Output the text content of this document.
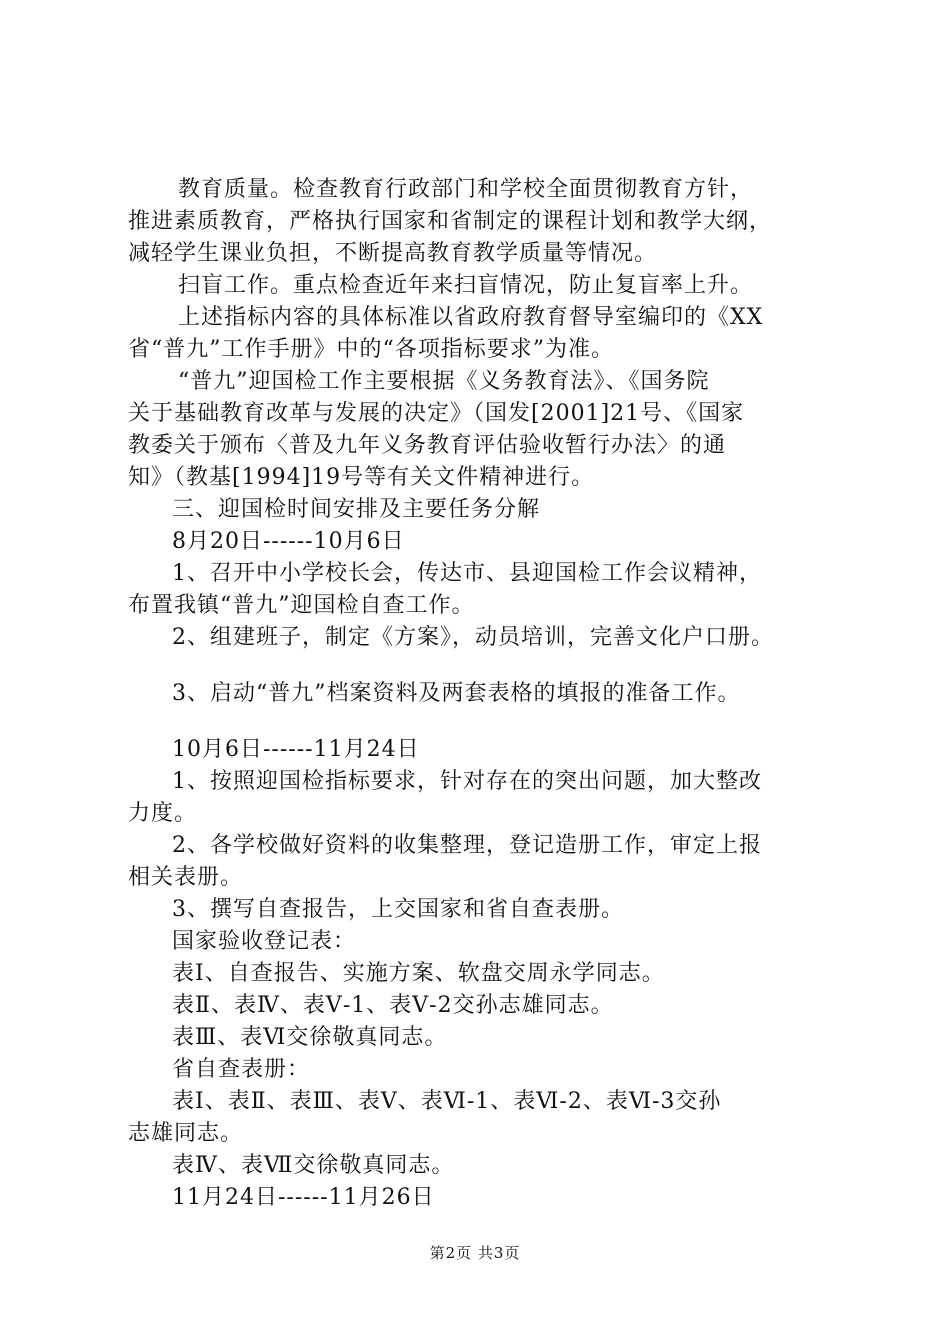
教育质量。检查教育行政部门和学校全面贯彻教育方针，
推进素质教育，严格执行国家和省制定的课程计划和教学大纲，
减轻学生课业负担，不断提高教育教学质量等情况。
扫盲工作。重点检查近年来扫盲情况，防止复盲率上升。
上述指标内容的具体标准以省政府教育督导室编印的《XX
省“普九”工作手册》中的“各项指标要求”为准。
“普九”迎国检工作主要根据《义务教育法》、《国务院
关于基础教育改革与发展的决定》（国发[2001]21号、《国家
教委关于颁布〈普及九年义务教育评估验收暂行办法〉的通
知》（教基[1994]19号等有关文件精神进行。
三、迎国检时间安排及主要任务分解
8月20日------10月6日
1、召开中小学校长会，传达市、县迎国检工作会议精神，
布置我镇“普九”迎国检自查工作。
2、组建班子，制定《方案》，动员培训，完善文化户口册。
3、启动“普九”档案资料及两套表格的填报的准备工作。
10月6日------11月24日
1、按照迎国检指标要求，针对存在的突出问题，加大整改
力度。
2、各学校做好资料的收集整理，登记造册工作，审定上报
相关表册。
3、撰写自查报告，上交国家和省自查表册。
国家验收登记表：
表Ⅰ、自查报告、实施方案、软盘交周永学同志。
表Ⅱ、表Ⅳ、表Ⅴ-1、表Ⅴ-2交孙志雄同志。
表Ⅲ、表Ⅵ交徐敬真同志。
省自查表册：
表Ⅰ、表Ⅱ、表Ⅲ、表Ⅴ、表Ⅵ-1、表Ⅵ-2、表Ⅵ-3交孙
志雄同志。
表Ⅳ、表Ⅶ交徐敬真同志。
11月24日------11月26日
第2页 共3页
